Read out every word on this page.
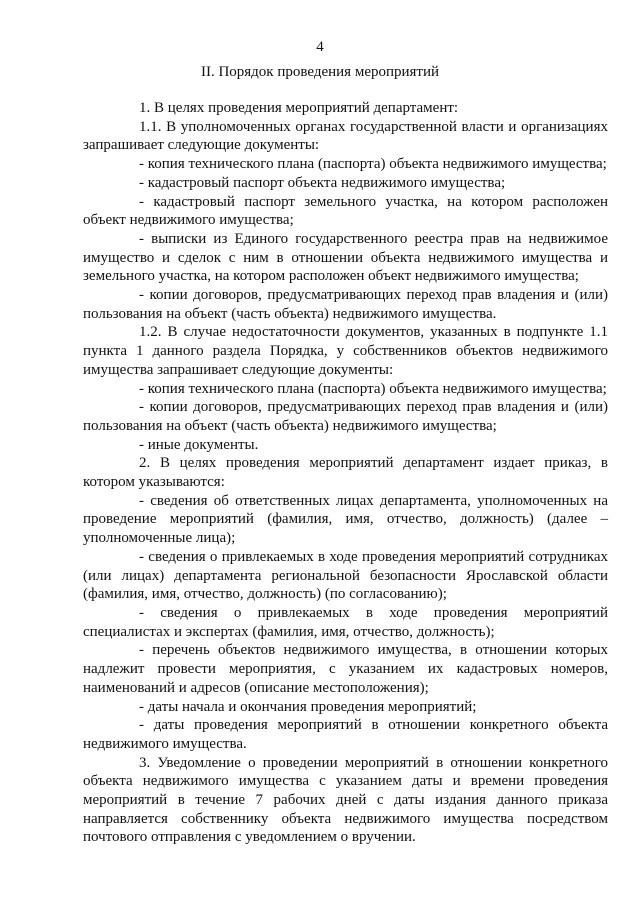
4
II. Порядок проведения мероприятий

1. В целях проведения мероприятий департамент:

1.1. В уполномоченных органах государственной власти и организациях запрашивает следующие документы:

- копия технического плана (паспорта) объекта недвижимого имущества;

- кадастровый паспорт объекта недвижимого имущества;

- кадастровый паспорт земельного участка, на котором расположен объект недвижимого имущества;

- выписки из Единого государственного реестра прав на недвижимое имущество и сделок с ним в отношении объекта недвижимого имущества и земельного участка, на котором расположен объект недвижимого имущества;

- копии договоров, предусматривающих переход прав владения и (или) пользования на объект (часть объекта) недвижимого имущества.

1.2. В случае недостаточности документов, указанных в подпункте 1.1 пункта 1 данного раздела Порядка, у собственников объектов недвижимого имущества запрашивает следующие документы:

- копия технического плана (паспорта) объекта недвижимого имущества;

- копии договоров, предусматривающих переход прав владения и (или) пользования на объект (часть объекта) недвижимого имущества;

- иные документы.

2. В целях проведения мероприятий департамент издает приказ, в котором указываются:

- сведения об ответственных лицах департамента, уполномоченных на проведение мероприятий (фамилия, имя, отчество, должность) (далее – уполномоченные лица);

- сведения о привлекаемых в ходе проведения мероприятий сотрудниках (или лицах) департамента региональной безопасности Ярославской области (фамилия, имя, отчество, должность) (по согласованию);

- сведения о привлекаемых в ходе проведения мероприятий специалистах и экспертах (фамилия, имя, отчество, должность);

- перечень объектов недвижимого имущества, в отношении которых надлежит провести мероприятия, с указанием их кадастровых номеров, наименований и адресов (описание местоположения);

- даты начала и окончания проведения мероприятий;

- даты проведения мероприятий в отношении конкретного объекта недвижимого имущества.

3. Уведомление о проведении мероприятий в отношении конкретного объекта недвижимого имущества с указанием даты и времени проведения мероприятий в течение 7 рабочих дней с даты издания данного приказа направляется собственнику объекта недвижимого имущества посредством почтового отправления с уведомлением о вручении.
